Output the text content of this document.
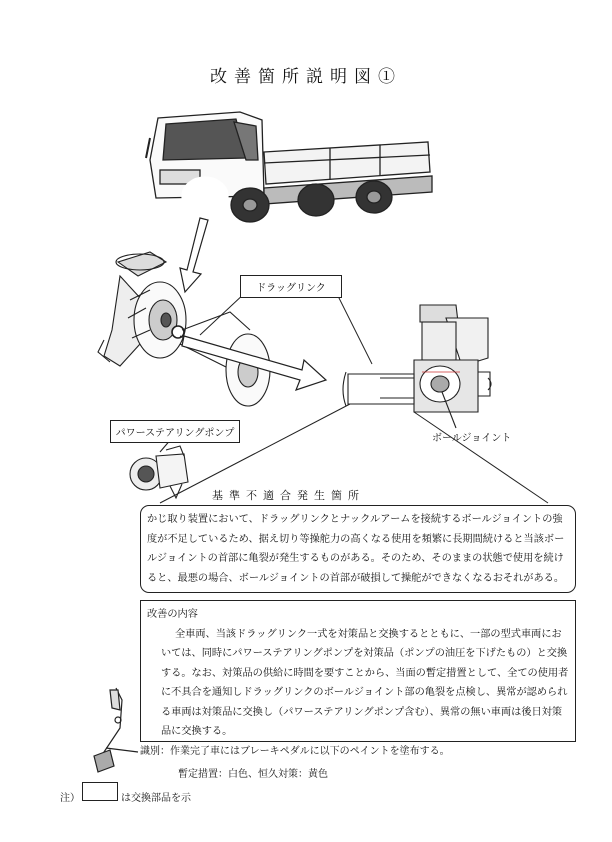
改善箇所説明図①
ドラッグリンク
パワーステアリングポンプ	ボールジョイント
基準不適合発生箇所
かじ取り装置において、ドラッグリンクとナックルアームを接続するボールジョイントの強度が不足しているため、据え切り等操舵力の高くなる使用を頻繁に長期間続けると当該ボールジョイントの首部に亀裂が発生するものがある。そのため、そのままの状態で使用を続けると、最悪の場合、ボールジョイントの首部が破損して操舵ができなくなるおそれがある。
改善の内容
全車両、当該ドラッグリンク一式を対策品と交換するとともに、一部の型式車両においては、同時にパワーステアリングポンプを対策品（ポンプの油圧を下げたもの）と交換する。なお、対策品の供給に時間を要すことから、当面の暫定措置として、全ての使用者に不具合を通知しドラッグリンクのボールジョイント部の亀裂を点検し、異常が認められる車両は対策品に交換し（パワーステアリングポンプ含む）、異常の無い車両は後日対策品に交換する。
識別：作業完了車にはブレーキペダルに以下のペイントを塗布する。
暫定措置：白色、恒久対策：黄色
注）	は交換部品を示
